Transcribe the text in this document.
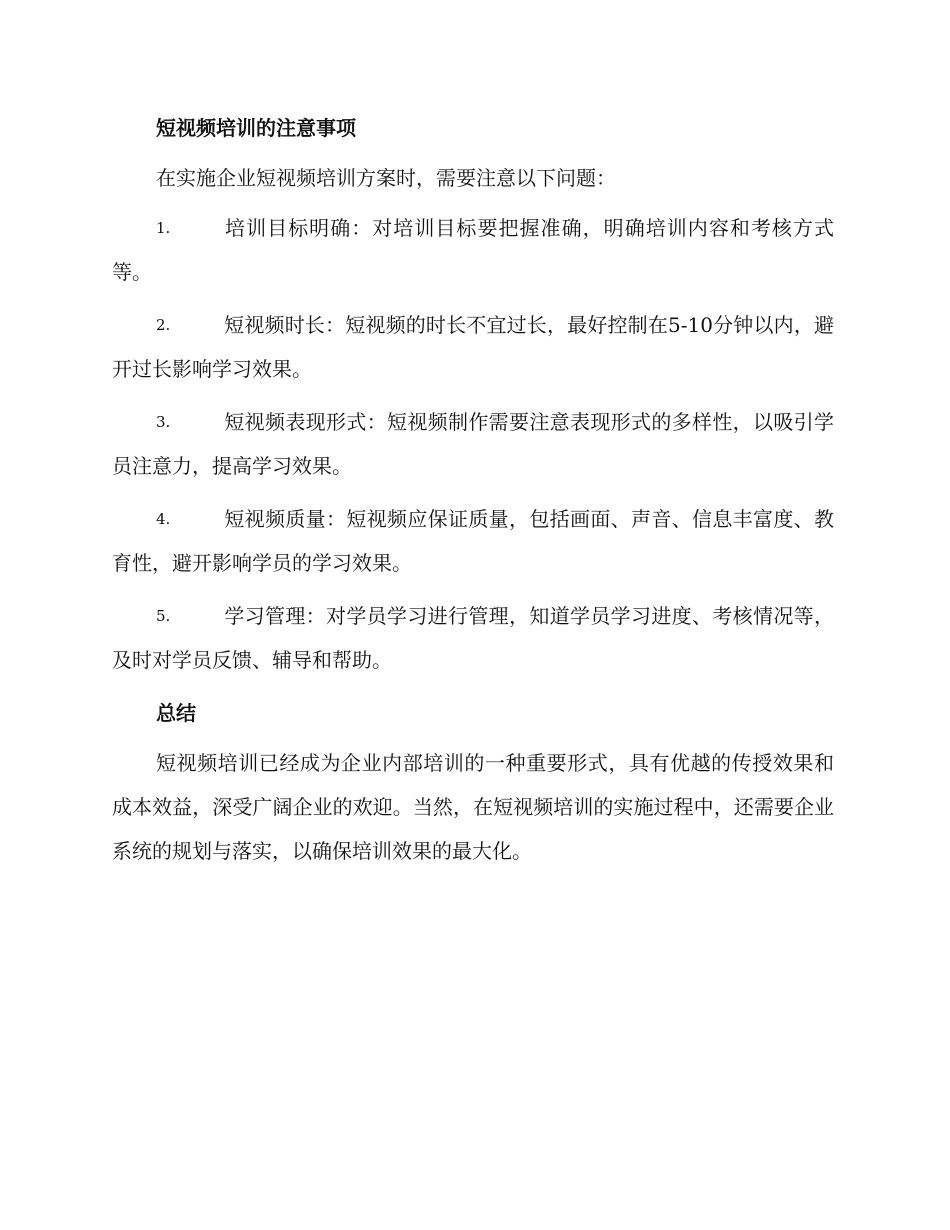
短视频培训的注意事项

在实施企业短视频培训方案时，需要注意以下问题：

1.	培训目标明确：对培训目标要把握准确，明确培训内容和考核方式等。
2.	短视频时长：短视频的时长不宜过长，最好控制在5-10分钟以内，避开过长影响学习效果。
3.	短视频表现形式：短视频制作需要注意表现形式的多样性，以吸引学员注意力，提高学习效果。
4.	短视频质量：短视频应保证质量，包括画面、声音、信息丰富度、教育性，避开影响学员的学习效果。
5.	学习管理：对学员学习进行管理，知道学员学习进度、考核情况等，及时对学员反馈、辅导和帮助。
总结

短视频培训已经成为企业内部培训的一种重要形式，具有优越的传授效果和成本效益，深受广阔企业的欢迎。当然，在短视频培训的实施过程中，还需要企业系统的规划与落实，以确保培训效果的最大化。
